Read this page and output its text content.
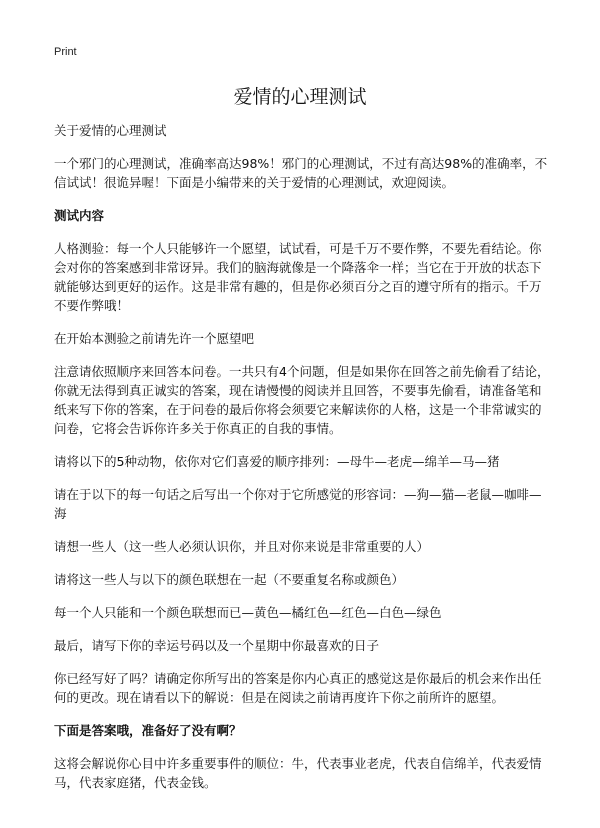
Print
爱情的心理测试

关于爱情的心理测试

一个邪门的心理测试，准确率高达98%！邪门的心理测试，不过有高达98%的准确率，不信试试！很诡异喔！下面是小编带来的关于爱情的心理测试，欢迎阅读。

测试内容

人格测验：每一个人只能够许一个愿望，试试看，可是千万不要作弊，不要先看结论。你会对你的答案感到非常讶异。我们的脑海就像是一个降落伞一样；当它在于开放的状态下就能够达到更好的运作。这是非常有趣的，但是你必须百分之百的遵守所有的指示。千万不要作弊哦！

在开始本测验之前请先许一个愿望吧

注意请依照顺序来回答本问卷。一共只有4个问题，但是如果你在回答之前先偷看了结论，你就无法得到真正诚实的答案，现在请慢慢的阅读并且回答，不要事先偷看，请准备笔和纸来写下你的答案，在于问卷的最后你将会须要它来解读你的人格，这是一个非常诚实的问卷，它将会告诉你许多关于你真正的自我的事情。

请将以下的5种动物，依你对它们喜爱的顺序排列：—母牛—老虎—绵羊—马—猪

请在于以下的每一句话之后写出一个你对于它所感觉的形容词：—狗—猫—老鼠—咖啡—海

请想一些人（这一些人必须认识你，并且对你来说是非常重要的人）

请将这一些人与以下的颜色联想在一起（不要重复名称或颜色）

每一个人只能和一个颜色联想而已—黄色—橘红色—红色—白色—绿色

最后，请写下你的幸运号码以及一个星期中你最喜欢的日子

你已经写好了吗？请确定你所写出的答案是你内心真正的感觉这是你最后的机会来作出任何的更改。现在请看以下的解说：但是在阅读之前请再度许下你之前所许的愿望。

下面是答案哦，准备好了没有啊？

这将会解说你心目中许多重要事件的顺位：牛，代表事业老虎，代表自信绵羊，代表爱情马，代表家庭猪，代表金钱。
